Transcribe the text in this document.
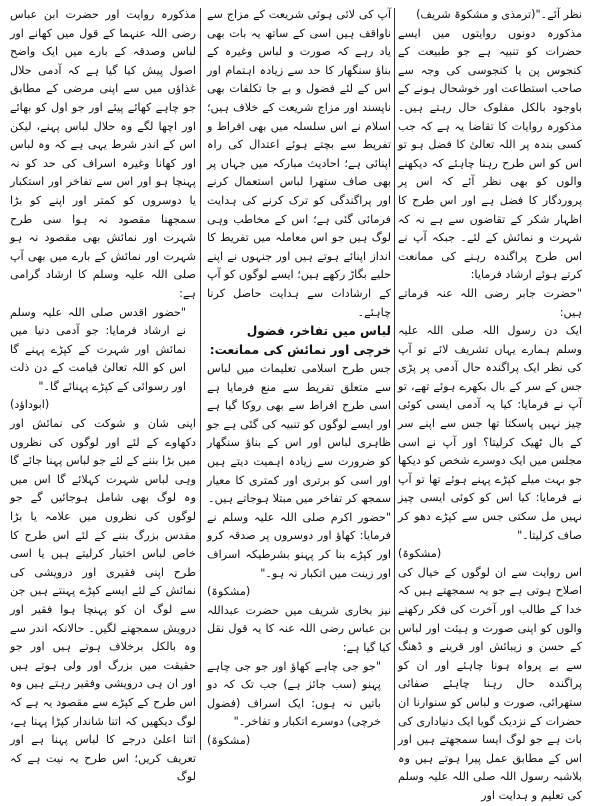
نظر آئے۔"(ترمذی و مشکوۃ شریف)

مذکورہ دونوں روایتوں میں ایسے حضرات کو تنبیہ ہے جو طبیعت کے کنجوس پن یا کنجوسی کی وجہ سے صاحب استطاعت اور خوشحال ہونے کے باوجود بالکل مفلوک حال رہتے ہیں۔ مذکورہ روایات کا تقاضا یہ ہے کہ جب کسی بندہ پر اللہ تعالیٰ کا فضل ہو تو اس کو اس طرح رہنا چاہئے کہ دیکھنے والوں کو بھی نظر آئے کہ اس پر پروردگار کا فضل ہے اور اس طرح کا اظہار شکر کے تقاضوں سے ہے نہ کہ شہرت و نمائش کے لئے۔ جبکہ آپ نے اس طرح پراگندہ رہنے کی ممانعت کرتے ہوئے ارشاد فرمایا:

"حضرت جابر رضی اللہ عنہ فرماتے ہیں:

ایک دن رسول اللہ صلی اللہ علیہ وسلم ہمارے یہاں تشریف لائے تو آپ کی نظر ایک پراگندہ حال آدمی پر پڑی جس کے سر کے بال بکھرے ہوئے تھے، تو آپ نے فرمایا: کیا یہ آدمی ایسی کوئی چیز نہیں پاسکتا تھا جس سے اپنے سر کے بال ٹھیک کرلیتا؟ اور آپ نے اسی مجلس میں ایک دوسرے شخص کو دیکھا جو بہت میلے کپڑے پہنے ہوئے تھا تو آپ نے فرمایا: کیا اس کو کوئی ایسی چیز نہیں مل سکتی جس سے کپڑے دھو کر صاف کرلیتا۔"

(مشکوۃ)

اس روایت سے ان لوگوں کے خیال کی اصلاح ہوتی ہے جو یہ سمجھتے ہیں کہ خدا کے طالب اور آخرت کی فکر رکھنے والوں کو اپنی صورت و ہیئت اور لباس کے حسن و زیبائش اور قرینے و ڈھنگ سے بے پرواہ ہونا چاہئے اور ان کو پراگندہ حال رہنا چاہئے صفائی ستھرائی، صورت و لباس کو سنوارنا ان حضرات کے نزدیک گویا ایک دنیاداری کی بات ہے جو لوگ ایسا سمجھتے ہیں اور اس کے مطابق عمل پیرا ہوتے ہیں وہ بلاشبہ رسول اللہ صلی اللہ علیہ وسلم کی تعلیم و ہدایت اور

آپ کی لائی ہوئی شریعت کے مزاج سے ناواقف ہیں اسی کے ساتھ یہ بات بھی یاد رہے کہ صورت و لباس وغیرہ کے بناؤ سنگھار کا حد سے زیادہ اہتمام اور اس کے لئے فضول و بے جا تکلفات بھی ناپسند اور مزاج شریعت کے خلاف ہیں؛ اسلام نے اس سلسلہ میں بھی افراط و تفریط سے بچتے ہوئے اعتدال کی راہ اپنائی ہے؛ احادیث مبارکہ میں جہاں پر بھی صاف ستھرا لباس استعمال کرنے اور پراگندگی کو ترک کرنے کی ہدایت فرمائی گئی ہے؛ اس کے مخاطب وہی لوگ ہیں جو اس معاملہ میں تفریط کا انداز اپنائے ہوتے ہیں اور جنہوں نے اپنے حلیے بگاڑ رکھے ہیں؛ ایسے لوگوں کو آپ کے ارشادات سے ہدایت حاصل کرنا چاہئے۔

لباس میں تفاخر، فضول خرچی اور نمائش کی ممانعت:

جس طرح اسلامی تعلیمات میں لباس سے متعلق تفریط سے منع فرمایا ہے اسی طرح افراط سے بھی روکا گیا ہے اور ایسے لوگوں کو تنبیہ کی گئی ہے جو ظاہری لباس اور اس کے بناؤ سنگھار کو ضرورت سے زیادہ اہمیت دیتے ہیں اور اسی کو برتری اور کمتری کا معیار سمجھ کر تفاخر میں مبتلا ہوجاتے ہیں۔

"حضور اکرم صلی اللہ علیہ وسلم نے فرمایا: کھاؤ اور دوسروں پر صدقہ کرو اور کپڑے بنا کر پہنو بشرطیکہ اسراف اور زینت میں اتکبار نہ ہو۔"

(مشکوۃ)

نیز بخاری شریف میں حضرت عبداللہ بن عباس رضی اللہ عنہ کا یہ قول نقل کیا گیا ہے:

"جو جی چاہے کھاؤ اور جو جی چاہے پہنو (سب جائز ہے) جب تک کہ دو باتیں نہ ہوں: ایک اسراف (فضول خرچی) دوسرے اتکبار و تفاخر۔"

(مشکوۃ)

مذکورہ روایت اور حضرت ابن عباس رضی اللہ عنہما کے قول میں کھانے اور لباس وصدقہ کے بارے میں ایک واضح اصول پیش کیا گیا ہے کہ آدمی حلال غذاؤں میں سے اپنی مرضی کے مطابق جو چاہے کھائے پیئے اور جو اول کو بھائے اور اچھا لگے وہ حلال لباس پہنے، لیکن اس کے اندر شرط یہی ہے کہ وہ لباس اور کھانا وغیرہ اسراف کی حد کو نہ پہنچا ہو اور اس سے تفاخر اور استکبار یا دوسروں کو کمتر اور اپنے کو بڑا سمجھنا مقصود نہ ہوا سی طرح شہرت اور نمائش بھی مقصود نہ ہو شہرت اور نمائش کے بارے میں بھی آپ صلی اللہ علیہ وسلم کا ارشاد گرامی ہے:

"حضور اقدس صلی اللہ علیہ وسلم نے ارشاد فرمایا: جو آدمی دنیا میں نمائش اور شہرت کے کپڑے پہنے گا اس کو اللہ تعالیٰ قیامت کے دن ذلت اور رسوائی کے کپڑے پہنائے گا۔"

(ابوداؤد)

اپنی شان و شوکت کی نمائش اور دکھاوے کے لئے اور لوگوں کی نظروں میں بڑا بننے کے لئے جو لباس پہنا جائے گا وہی لباس شہرت کہلائے گا اس میں وہ لوگ بھی شامل ہوجائیں گے جو لوگوں کی نظروں میں علامہ یا بڑا مقدس بزرگ بننے کے لئے اس طرح کا خاص لباس اختیار کرلیتے ہیں یا اسی طرح اپنی فقیری اور درویشی کی نمائش کے لئے ایسے کپڑے پہنتے ہیں جن سے لوگ ان کو پہنچا ہوا فقیر اور درویش سمجھنے لگیں۔ حالانکہ اندر سے وہ بالکل برخلاف ہوتے ہیں اور جو حقیقت میں بزرگ اور ولی ہوتے ہیں اور ان ہی درویشی وفقیر رہتے ہیں وہ اس طرح کے کپڑے سے مقصود یہ ہے کہ لوگ دیکھیں کہ اتنا شاندار کپڑا پہنا ہے، اتنا اعلیٰ درجے کا لباس پہنا ہے اور تعریف کریں؛ اس طرح یہ نیت ہے کہ لوگ
